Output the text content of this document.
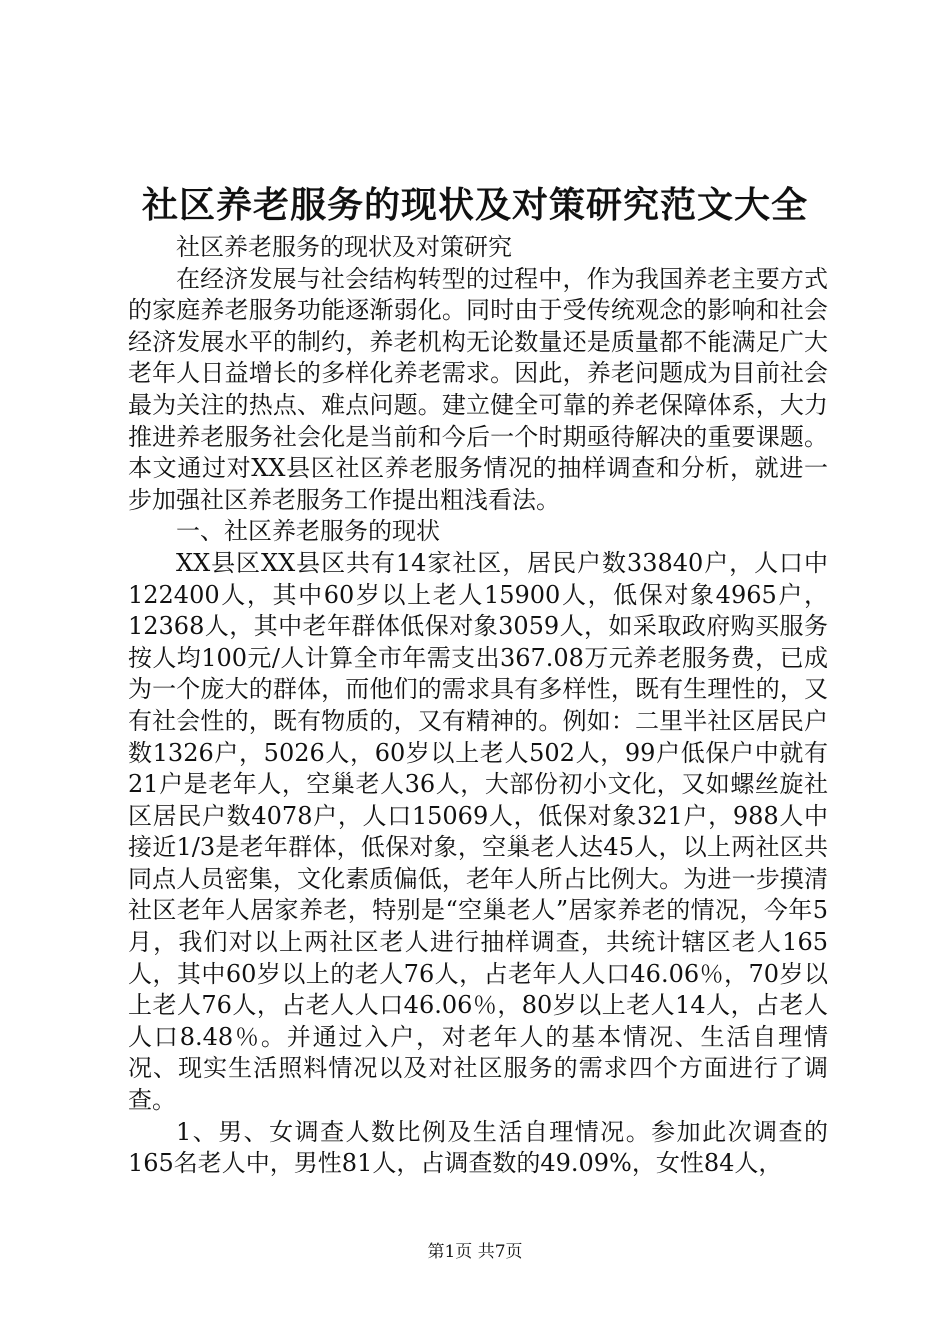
社区养老服务的现状及对策研究范文大全

社区养老服务的现状及对策研究

在经济发展与社会结构转型的过程中，作为我国养老主要方式的家庭养老服务功能逐渐弱化。同时由于受传统观念的影响和社会经济发展水平的制约，养老机构无论数量还是质量都不能满足广大老年人日益增长的多样化养老需求。因此，养老问题成为目前社会最为关注的热点、难点问题。建立健全可靠的养老保障体系，大力推进养老服务社会化是当前和今后一个时期亟待解决的重要课题。本文通过对XX县区社区养老服务情况的抽样调查和分析，就进一步加强社区养老服务工作提出粗浅看法。

一、社区养老服务的现状

XX县区XX县区共有14家社区，居民户数33840户，人口中122400人，其中60岁以上老人15900人，低保对象4965户，12368人，其中老年群体低保对象3059人，如采取政府购买服务按人均100元/人计算全市年需支出367.08万元养老服务费，已成为一个庞大的群体，而他们的需求具有多样性，既有生理性的，又有社会性的，既有物质的，又有精神的。例如：二里半社区居民户数1326户，5026人，60岁以上老人502人，99户低保户中就有21户是老年人，空巢老人36人，大部份初小文化，又如螺丝旋社区居民户数4078户，人口15069人，低保对象321户，988人中接近1/3是老年群体，低保对象，空巢老人达45人，以上两社区共同点人员密集，文化素质偏低，老年人所占比例大。为进一步摸清社区老年人居家养老，特别是“空巢老人”居家养老的情况，今年5月，我们对以上两社区老人进行抽样调查，共统计辖区老人165人，其中60岁以上的老人76人，占老年人人口46.06％，70岁以上老人76人，占老人人口46.06％，80岁以上老人14人，占老人人口8.48％。并通过入户，对老年人的基本情况、生活自理情况、现实生活照料情况以及对社区服务的需求四个方面进行了调查。

1、男、女调查人数比例及生活自理情况。参加此次调查的165名老人中，男性81人，占调查数的49.09%，女性84人，

第1页 共7页
